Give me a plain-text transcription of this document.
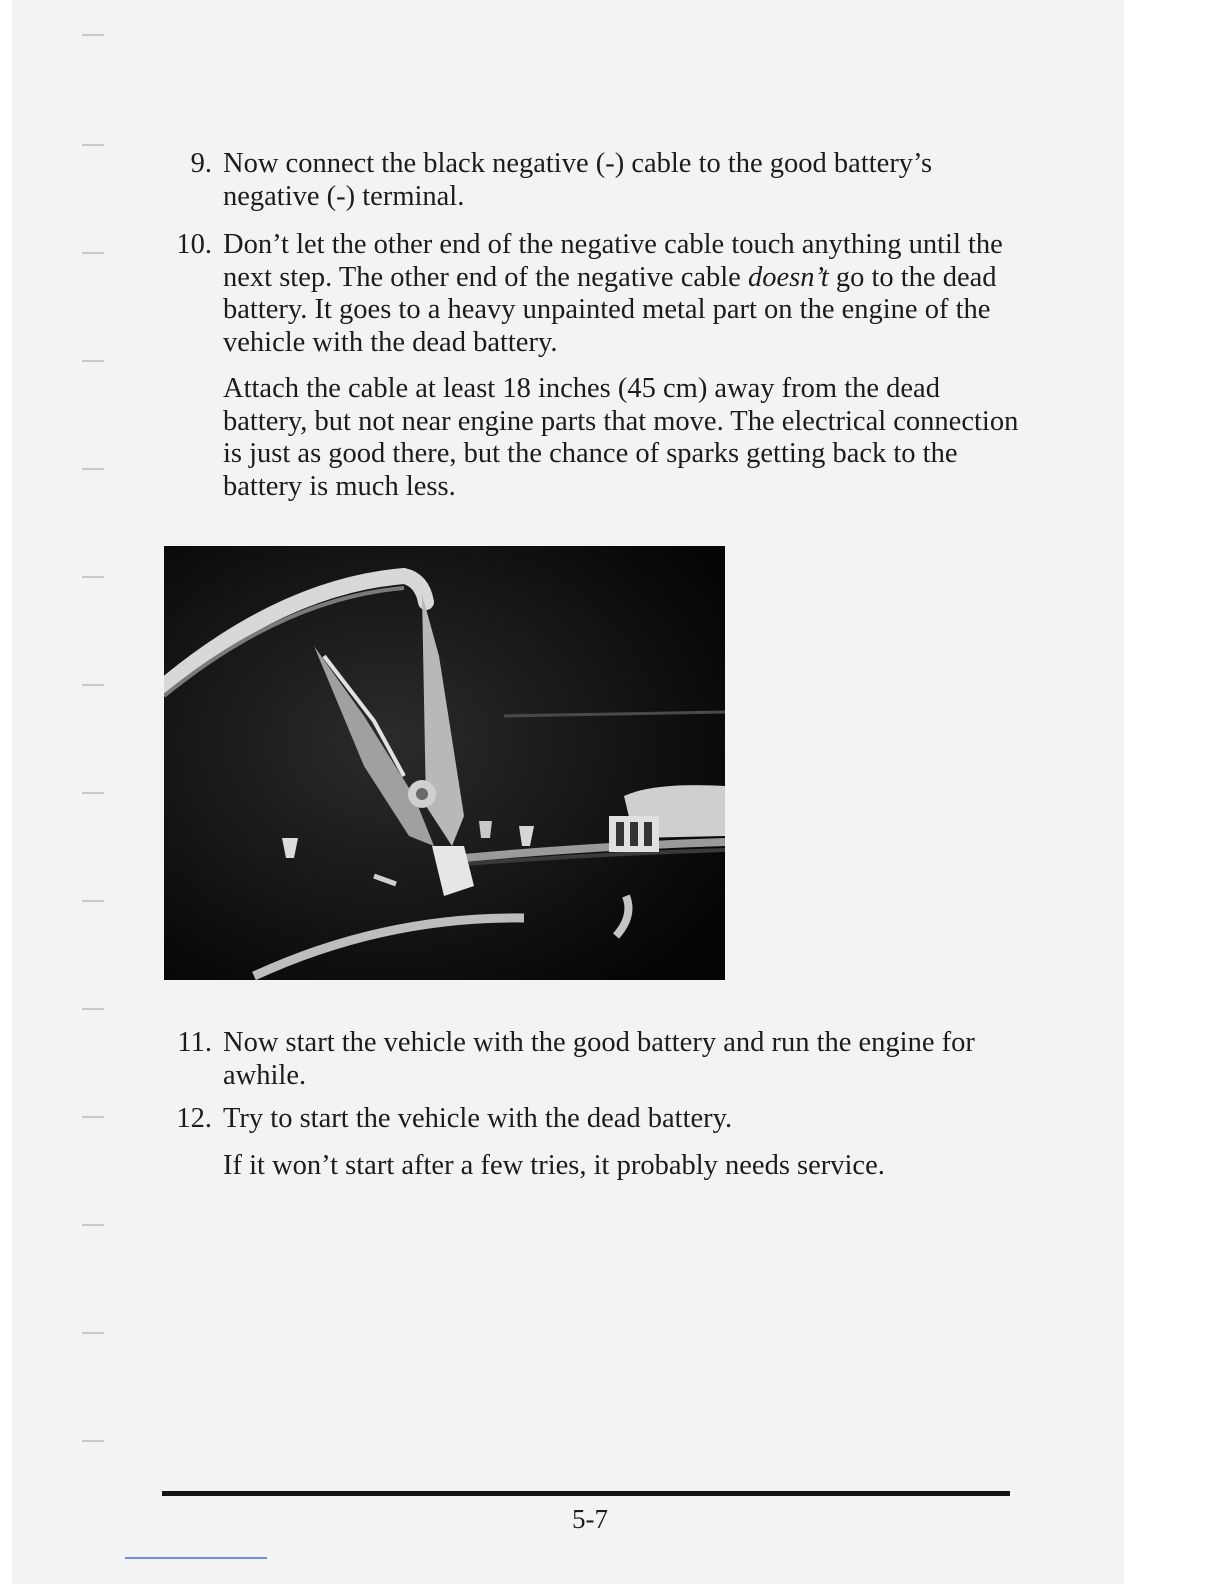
9. Now connect the black negative (-) cable to the good battery’s negative (-) terminal.

10. Don’t let the other end of the negative cable touch anything until the next step. The other end of the negative cable doesn’t go to the dead battery. It goes to a heavy unpainted metal part on the engine of the vehicle with the dead battery.

Attach the cable at least 18 inches (45 cm) away from the dead battery, but not near engine parts that move. The electrical connection is just as good there, but the chance of sparks getting back to the battery is much less.

11. Now start the vehicle with the good battery and run the engine for awhile.

12. Try to start the vehicle with the dead battery.

If it won’t start after a few tries, it probably needs service.

5-7
